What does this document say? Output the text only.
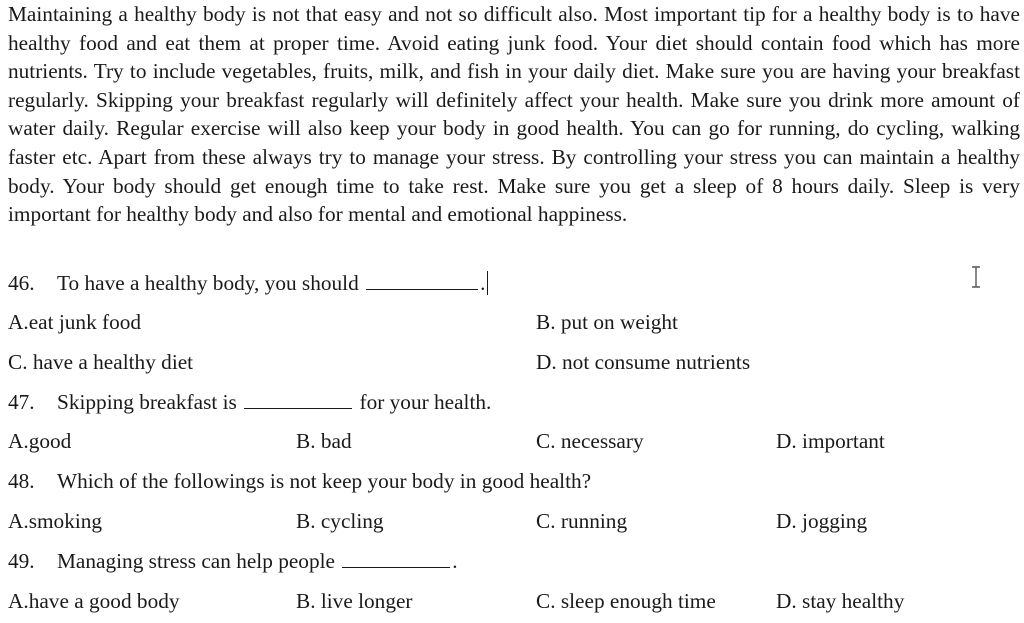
Maintaining a healthy body is not that easy and not so difficult also. Most important tip for a healthy body is to have healthy food and eat them at proper time. Avoid eating junk food. Your diet should contain food which has more nutrients. Try to include vegetables, fruits, milk, and fish in your daily diet. Make sure you are having your breakfast regularly. Skipping your breakfast regularly will definitely affect your health. Make sure you drink more amount of water daily. Regular exercise will also keep your body in good health. You can go for running, do cycling, walking faster etc. Apart from these always try to manage your stress. By controlling your stress you can maintain a healthy body. Your body should get enough time to take rest. Make sure you get a sleep of 8 hours daily. Sleep is very important for healthy body and also for mental and emotional happiness.

46. To have a healthy body, you should	.
A.eat junk food	B. put on weight
C. have a healthy diet	D. not consume nutrients
47. Skipping breakfast is	for your health.
A.good	B. bad	C. necessary	D. important
48. Which of the followings is not keep your body in good health?
A.smoking	B. cycling	C. running	D. jogging
49. Managing stress can help people	.
A.have a good body	B. live longer	C. sleep enough time	D. stay healthy
